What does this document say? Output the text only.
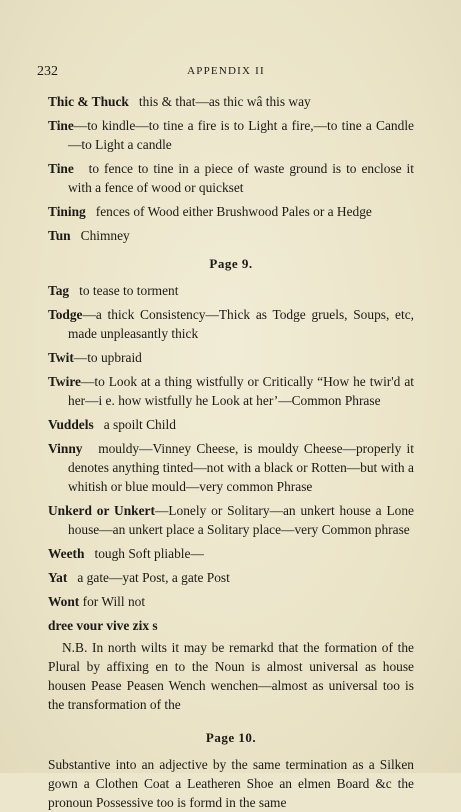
232	APPENDIX II
Thic & Thuck this & that—as thic wâ this way
Tine—to kindle—to tine a fire is to Light a fire,—to tine a Candle—to Light a candle
Tine to fence to tine in a piece of waste ground is to enclose it with a fence of wood or quickset
Tining fences of Wood either Brushwood Pales or a Hedge
Tun Chimney
Page 9.
Tag to tease to torment
Todge—a thick Consistency—Thick as Todge gruels, Soups, etc, made unpleasantly thick
Twit—to upbraid
Twire—to Look at a thing wistfully or Critically “How he twir'd at her—i e. how wistfully he Look at her’—Common Phrase
Vuddels a spoilt Child
Vinny mouldy—Vinney Cheese, is mouldy Cheese—properly it denotes anything tinted—not with a black or Rotten—but with a whitish or blue mould—very common Phrase
Unkerd or Unkert—Lonely or Solitary—an unkert house a Lone house—an unkert place a Solitary place—very Common phrase
Weeth tough Soft pliable—
Yat a gate—yat Post, a gate Post
Wont for Will not
dree vour vive zix s

N.B. In north wilts it may be remarkd that the formation of the Plural by affixing en to the Noun is almost universal as house housen Pease Peasen Wench wenchen—almost as universal too is the transformation of the

Page 10.

Substantive into an adjective by the same termination as a Silken gown a Clothen Coat a Leatheren Shoe an elmen Board &c the pronoun Possessive too is formd in the same
